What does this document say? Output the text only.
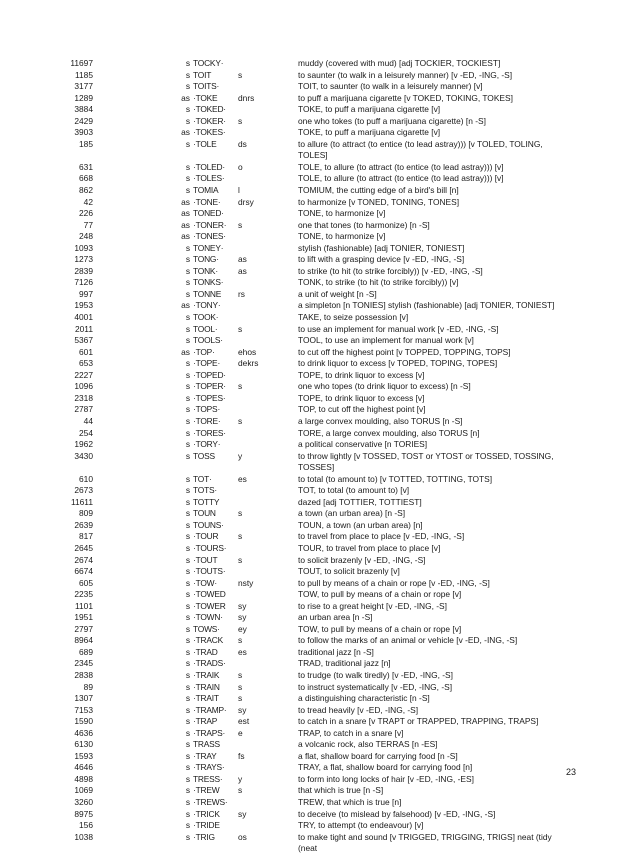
11697	s TOCKY·	muddy (covered with mud) [adj TOCKIER, TOCKIEST]
1185	s TOIT	s	to saunter (to walk in a leisurely manner) [v -ED, -ING, -S]
3177	s TOITS·	TOIT, to saunter (to walk in a leisurely manner) [v]
1289	as ·TOKE	dnrs	to puff a marijuana cigarette [v TOKED, TOKING, TOKES]
3884	s ·TOKED·	TOKE, to puff a marijuana cigarette [v]
2429	s ·TOKER·	s	one who tokes (to puff a marijuana cigarette) [n -S]
3903	as ·TOKES·	TOKE, to puff a marijuana cigarette [v]
185	s ·TOLE	ds	to allure (to attract (to entice (to lead astray))) [v TOLED, TOLING, TOLES]
631	s ·TOLED·	o	TOLE, to allure (to attract (to entice (to lead astray))) [v]
668	s ·TOLES·	TOLE, to allure (to attract (to entice (to lead astray))) [v]
862	s TOMIA	l	TOMIUM, the cutting edge of a bird's bill [n]
42	as ·TONE·	drsy	to harmonize [v TONED, TONING, TONES]
226	as TONED·	TONE, to harmonize [v]
77	as ·TONER·	s	one that tones (to harmonize) [n -S]
248	as ·TONES·	TONE, to harmonize [v]
1093	s TONEY·	stylish (fashionable) [adj TONIER, TONIEST]
1273	s TONG·	as	to lift with a grasping device [v -ED, -ING, -S]
2839	s TONK·	as	to strike (to hit (to strike forcibly)) [v -ED, -ING, -S]
7126	s TONKS·	TONK, to strike (to hit (to strike forcibly)) [v]
997	s TONNE	rs	a unit of weight [n -S]
1953	as ·TONY·	a simpleton [n TONIES] stylish (fashionable) [adj TONIER, TONIEST]
4001	s TOOK·	TAKE, to seize possession [v]
2011	s TOOL·	s	to use an implement for manual work [v -ED, -ING, -S]
5367	s TOOLS·	TOOL, to use an implement for manual work [v]
601	as ·TOP·	ehos	to cut off the highest point [v TOPPED, TOPPING, TOPS]
653	s ·TOPE·	dekrs	to drink liquor to excess [v TOPED, TOPING, TOPES]
2227	s ·TOPED·	TOPE, to drink liquor to excess [v]
1096	s ·TOPER·	s	one who topes (to drink liquor to excess) [n -S]
2318	s ·TOPES·	TOPE, to drink liquor to excess [v]
2787	s ·TOPS·	TOP, to cut off the highest point [v]
44	s ·TORE·	s	a large convex moulding, also TORUS [n -S]
254	s ·TORES·	TORE, a large convex moulding, also TORUS [n]
1962	s ·TORY·	a political conservative [n TORIES]
3430	s TOSS	y	to throw lightly [v TOSSED, TOST or YTOST or TOSSED, TOSSING, TOSSES]
610	s TOT·	es	to total (to amount to) [v TOTTED, TOTTING, TOTS]
2673	s TOTS·	TOT, to total (to amount to) [v]
11611	s TOTTY	dazed [adj TOTTIER, TOTTIEST]
809	s TOUN	s	a town (an urban area) [n -S]
2639	s TOUNS·	TOUN, a town (an urban area) [n]
817	s ·TOUR	s	to travel from place to place [v -ED, -ING, -S]
2645	s ·TOURS·	TOUR, to travel from place to place [v]
2674	s ·TOUT	s	to solicit brazenly [v -ED, -ING, -S]
6674	s ·TOUTS·	TOUT, to solicit brazenly [v]
605	s ·TOW·	nsty	to pull by means of a chain or rope [v -ED, -ING, -S]
2235	s ·TOWED	TOW, to pull by means of a chain or rope [v]
1101	s ·TOWER	sy	to rise to a great height [v -ED, -ING, -S]
1951	s ·TOWN·	sy	an urban area [n -S]
2797	s TOWS·	ey	TOW, to pull by means of a chain or rope [v]
8964	s ·TRACK	s	to follow the marks of an animal or vehicle [v -ED, -ING, -S]
689	s ·TRAD	es	traditional jazz [n -S]
2345	s ·TRADS·	TRAD, traditional jazz [n]
2838	s ·TRAIK	s	to trudge (to walk tiredly) [v -ED, -ING, -S]
89	s ·TRAIN	s	to instruct systematically [v -ED, -ING, -S]
1307	s ·TRAIT	s	a distinguishing characteristic [n -S]
7153	s ·TRAMP·	sy	to tread heavily [v -ED, -ING, -S]
1590	s ·TRAP	est	to catch in a snare [v TRAPT or TRAPPED, TRAPPING, TRAPS]
4636	s ·TRAPS·	e	TRAP, to catch in a snare [v]
6130	s TRASS	a volcanic rock, also TERRAS [n -ES]
1593	s ·TRAY	fs	a flat, shallow board for carrying food [n -S]
4646	s ·TRAYS·	TRAY, a flat, shallow board for carrying food [n]
4898	s TRESS·	y	to form into long locks of hair [v -ED, -ING, -ES]
1069	s ·TREW	s	that which is true [n -S]
3260	s ·TREWS·	TREW, that which is true [n]
8975	s ·TRICK	sy	to deceive (to mislead by falsehood) [v -ED, -ING, -S]
156	s ·TRIDE	TRY, to attempt (to endeavour) [v]
1038	s ·TRIG	os	to make tight and sound [v TRIGGED, TRIGGING, TRIGS] neat (tidy (neat
23
